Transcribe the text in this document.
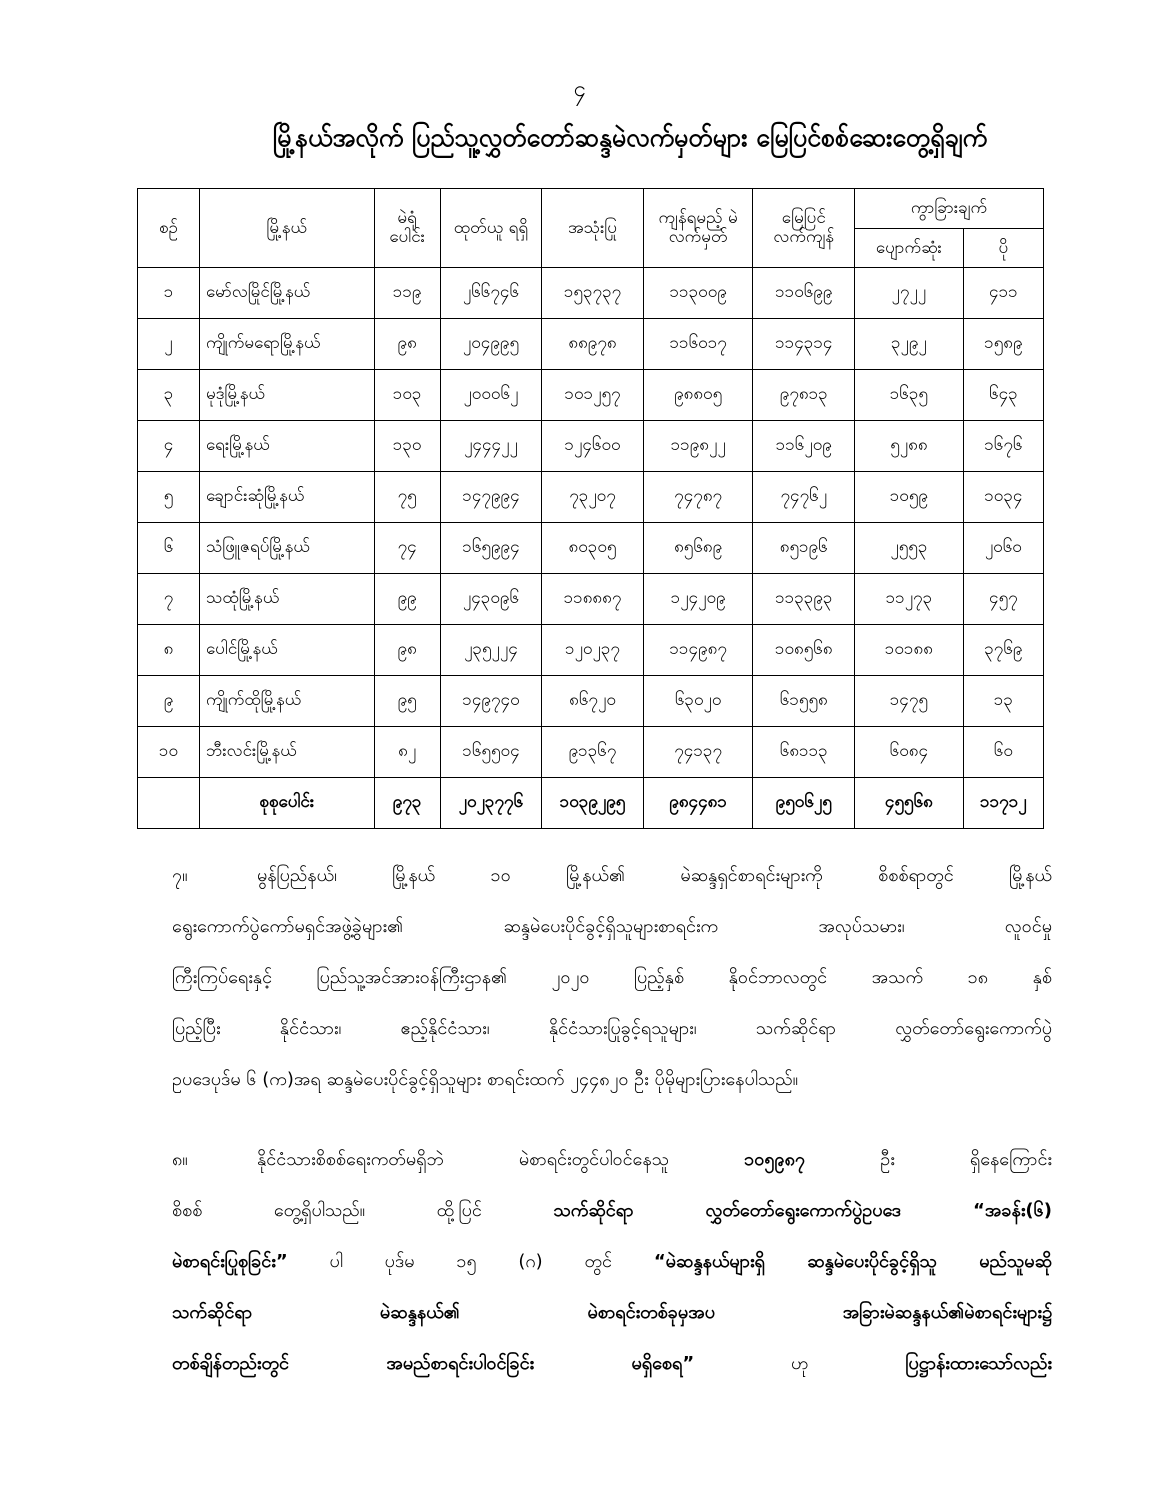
၄
မြို့နယ်အလိုက် ပြည်သူ့လွှတ်တော်ဆန္ဒမဲလက်မှတ်များ မြေပြင်စစ်ဆေးတွေ့ရှိချက်
စဉ်	မြို့နယ်	မဲရုံ ပေါင်း	ထုတ်ယူ ရရှိ	အသုံးပြု	ကျန်ရမည့် မဲလက်မှတ်	မြေပြင် လက်ကျန်	ကွာခြားချက်	
							ပျောက်ဆုံး	ပို
၁	မော်လမြိုင်မြို့နယ်	၁၁၉	၂၆၆၇၄၆	၁၅၃၇၃၇	၁၁၃၀၀၉	၁၁၀၆၉၉	၂၇၂၂	၄၁၁
၂	ကျိုက်မရောမြို့နယ်	၉၈	၂၀၄၉၉၅	၈၈၉၇၈	၁၁၆၀၁၇	၁၁၄၃၁၄	၃၂၉၂	၁၅၈၉
၃	မုဒုံမြို့နယ်	၁၀၃	၂၀၀၀၆၂	၁၀၁၂၅၇	၉၈၈၀၅	၉၇၈၁၃	၁၆၃၅	၆၄၃
၄	ရေးမြို့နယ်	၁၃၀	၂၄၄၄၂၂	၁၂၄၆၀၀	၁၁၉၈၂၂	၁၁၆၂၀၉	၅၂၈၈	၁၆၇၆
၅	ချောင်းဆုံမြို့နယ်	၇၅	၁၄၇၉၉၄	၇၃၂၀၇	၇၄၇၈၇	၇၄၇၆၂	၁၀၅၉	၁၀၃၄
၆	သံဖြူဇရပ်မြို့နယ်	၇၄	၁၆၅၉၉၄	၈၀၃၀၅	၈၅၆၈၉	၈၅၁၉၆	၂၅၅၃	၂၀၆၀
၇	သထုံမြို့နယ်	၉၉	၂၄၃၀၉၆	၁၁၈၈၈၇	၁၂၄၂၀၉	၁၁၃၃၉၃	၁၁၂၇၃	၄၅၇
၈	ပေါင်မြို့နယ်	၉၈	၂၃၅၂၂၄	၁၂၀၂၃၇	၁၁၄၉၈၇	၁၀၈၅၆၈	၁၀၁၈၈	၃၇၆၉
၉	ကျိုက်ထိုမြို့နယ်	၉၅	၁၄၉၇၄၀	၈၆၇၂၀	၆၃၀၂၀	၆၁၅၅၈	၁၄၇၅	၁၃
၁၀	ဘီးလင်းမြို့နယ်	၈၂	၁၆၅၅၀၄	၉၁၃၆၇	၇၄၁၃၇	၆၈၁၁၃	၆၀၈၄	၆၀
	စုစုပေါင်း	၉၇၃	၂၀၂၃၇၇၆	၁၀၃၉၂၉၅	၉၈၄၄၈၁	၉၅၀၆၂၅	၄၅၅၆၈	၁၁၇၁၂
၇။	မွန်ပြည်နယ်၊ မြို့နယ် ၁၀ မြို့နယ်၏ မဲဆန္ဒရှင်စာရင်းများကို စိစစ်ရာတွင် မြို့နယ်
ရွေးကောက်ပွဲကော်မရှင်အဖွဲ့ခွဲများ၏ ဆန္ဒမဲပေးပိုင်ခွင့်ရှိသူများစာရင်းက အလုပ်သမား၊ လူဝင်မှု
ကြီးကြပ်ရေးနှင့် ပြည်သူ့အင်အားဝန်ကြီးဌာန၏ ၂၀၂၀ ပြည့်နှစ် နိုဝင်ဘာလတွင် အသက် ၁၈ နှစ်
ပြည့်ပြီး နိုင်ငံသား၊ ဧည့်နိုင်ငံသား၊ နိုင်ငံသားပြုခွင့်ရသူများ၊ သက်ဆိုင်ရာ လွှတ်တော်ရွေးကောက်ပွဲ
ဥပဒေပုဒ်မ ၆ (က)အရ ဆန္ဒမဲပေးပိုင်ခွင့်ရှိသူများ စာရင်းထက် ၂၄၄၈၂၀ ဦး ပိုမိုများပြားနေပါသည်။
၈။	နိုင်ငံသားစိစစ်ရေးကတ်မရှိဘဲ မဲစာရင်းတွင်ပါဝင်နေသူ	၁၀၅၉၈၇	ဦး ရှိနေကြောင်း
စိစစ် တွေ့ရှိပါသည်။ ထို့ပြင်	သက်ဆိုင်ရာ လွှတ်တော်ရွေးကောက်ပွဲဥပဒေ “အခန်း(၆)
မဲစာရင်းပြုစုခြင်း” ပါ ပုဒ်မ ၁၅ (ဂ) တွင် “မဲဆန္ဒနယ်များရှိ ဆန္ဒမဲပေးပိုင်ခွင့်ရှိသူ မည်သူမဆို
သက်ဆိုင်ရာ မဲဆန္ဒနယ်၏ မဲစာရင်းတစ်ခုမှအပ အခြားမဲဆန္ဒနယ်၏မဲစာရင်းများ၌
တစ်ချိန်တည်းတွင် အမည်စာရင်းပါဝင်ခြင်း မရှိစေရ”	ဟု	ပြဋ္ဌာန်းထားသော်လည်း
